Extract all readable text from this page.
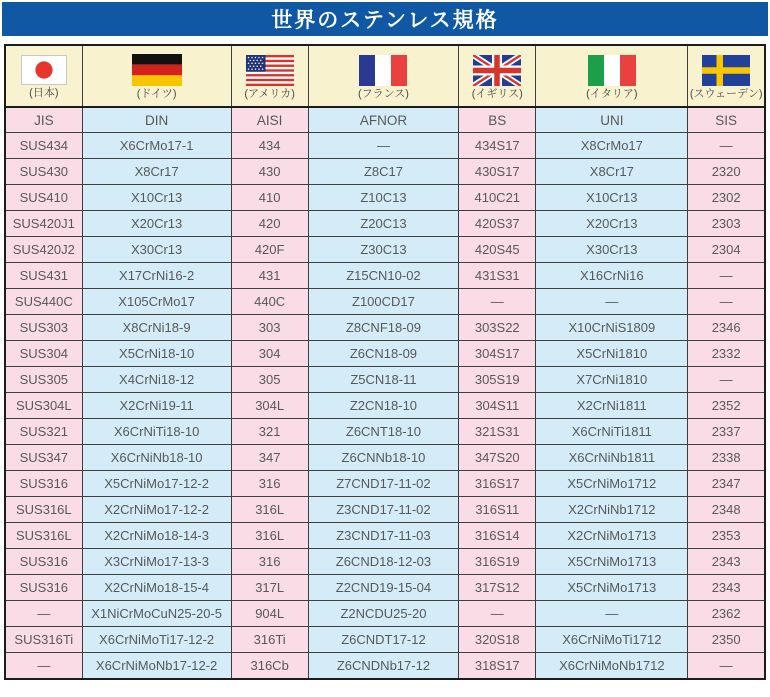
世界のステンレス規格
(日本)	(ドイツ)	(アメリカ)	(フランス)	(イギリス)	(イタリア)	(スウェーデン)

JIS	DIN	AISI	AFNOR	BS	UNI	SIS
SUS434	X6CrMo17-1	434	—	434S17	X8CrMo17	—
SUS430	X8Cr17	430	Z8C17	430S17	X8Cr17	2320
SUS410	X10Cr13	410	Z10C13	410C21	X10Cr13	2302
SUS420J1	X20Cr13	420	Z20C13	420S37	X20Cr13	2303
SUS420J2	X30Cr13	420F	Z30C13	420S45	X30Cr13	2304
SUS431	X17CrNi16-2	431	Z15CN10-02	431S31	X16CrNi16	—
SUS440C	X105CrMo17	440C	Z100CD17	—	—	—
SUS303	X8CrNi18-9	303	Z8CNF18-09	303S22	X10CrNiS1809	2346
SUS304	X5CrNi18-10	304	Z6CN18-09	304S17	X5CrNi1810	2332
SUS305	X4CrNi18-12	305	Z5CN18-11	305S19	X7CrNi1810	—
SUS304L	X2CrNi19-11	304L	Z2CN18-10	304S11	X2CrNi1811	2352
SUS321	X6CrNiTi18-10	321	Z6CNT18-10	321S31	X6CrNiTi1811	2337
SUS347	X6CrNiNb18-10	347	Z6CNNb18-10	347S20	X6CrNiNb1811	2338
SUS316	X5CrNiMo17-12-2	316	Z7CND17-11-02	316S17	X5CrNiMo1712	2347
SUS316L	X2CrNiMo17-12-2	316L	Z3CND17-11-02	316S11	X2CrNiNb1712	2348
SUS316L	X2CrNiMo18-14-3	316L	Z3CND17-11-03	316S14	X2CrNiMo1713	2353
SUS316	X3CrNiMo17-13-3	316	Z6CND18-12-03	316S19	X5CrNiMo1713	2343
SUS316	X2CrNiMo18-15-4	317L	Z2CND19-15-04	317S12	X5CrNiMo1713	2343
—	X1NiCrMoCuN25-20-5	904L	Z2NCDU25-20	—	—	2362
SUS316Ti	X6CrNiMoTi17-12-2	316Ti	Z6CNDT17-12	320S18	X6CrNiMoTi1712	2350
—	X6CrNiMoNb17-12-2	316Cb	Z6CNDNb17-12	318S17	X6CrNiMoNb1712	—
